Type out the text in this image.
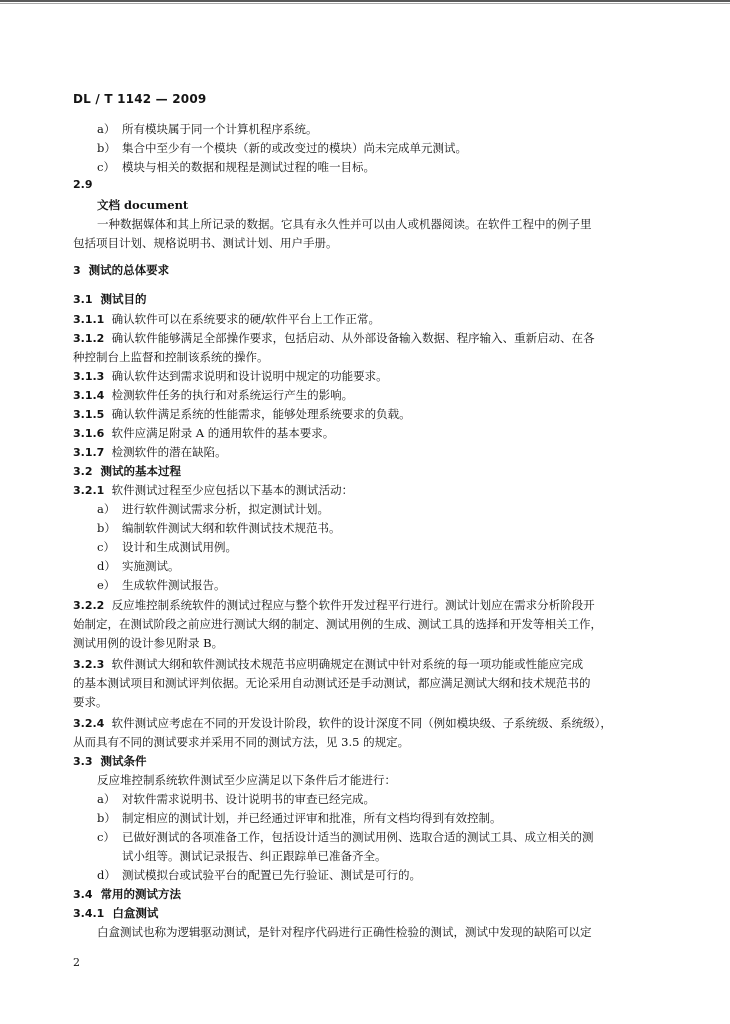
DL / T 1142 — 2009
a） 所有模块属于同一个计算机程序系统。
b） 集合中至少有一个模块（新的或改变过的模块）尚未完成单元测试。
c） 模块与相关的数据和规程是测试过程的唯一目标。
2.9
文档 document
一种数据媒体和其上所记录的数据。它具有永久性并可以由人或机器阅读。在软件工程中的例子里
包括项目计划、规格说明书、测试计划、用户手册。
3 测试的总体要求
3.1 测试目的
3.1.1 确认软件可以在系统要求的硬/软件平台上工作正常。
3.1.2 确认软件能够满足全部操作要求，包括启动、从外部设备输入数据、程序输入、重新启动、在各
种控制台上监督和控制该系统的操作。
3.1.3 确认软件达到需求说明和设计说明中规定的功能要求。
3.1.4 检测软件任务的执行和对系统运行产生的影响。
3.1.5 确认软件满足系统的性能需求，能够处理系统要求的负载。
3.1.6 软件应满足附录 A 的通用软件的基本要求。
3.1.7 检测软件的潜在缺陷。
3.2 测试的基本过程
3.2.1 软件测试过程至少应包括以下基本的测试活动：
a） 进行软件测试需求分析，拟定测试计划。
b） 编制软件测试大纲和软件测试技术规范书。
c） 设计和生成测试用例。
d） 实施测试。
e） 生成软件测试报告。
3.2.2 反应堆控制系统软件的测试过程应与整个软件开发过程平行进行。测试计划应在需求分析阶段开
始制定，在测试阶段之前应进行测试大纲的制定、测试用例的生成、测试工具的选择和开发等相关工作，
测试用例的设计参见附录 B。
3.2.3 软件测试大纲和软件测试技术规范书应明确规定在测试中针对系统的每一项功能或性能应完成
的基本测试项目和测试评判依据。无论采用自动测试还是手动测试，都应满足测试大纲和技术规范书的
要求。
3.2.4 软件测试应考虑在不同的开发设计阶段，软件的设计深度不同（例如模块级、子系统级、系统级），
从而具有不同的测试要求并采用不同的测试方法，见 3.5 的规定。
3.3 测试条件
反应堆控制系统软件测试至少应满足以下条件后才能进行：
a） 对软件需求说明书、设计说明书的审查已经完成。
b） 制定相应的测试计划，并已经通过评审和批准，所有文档均得到有效控制。
c） 已做好测试的各项准备工作，包括设计适当的测试用例、选取合适的测试工具、成立相关的测
试小组等。测试记录报告、纠正跟踪单已准备齐全。
d） 测试模拟台或试验平台的配置已先行验证、测试是可行的。
3.4 常用的测试方法
3.4.1 白盒测试
白盒测试也称为逻辑驱动测试，是针对程序代码进行正确性检验的测试，测试中发现的缺陷可以定
2
